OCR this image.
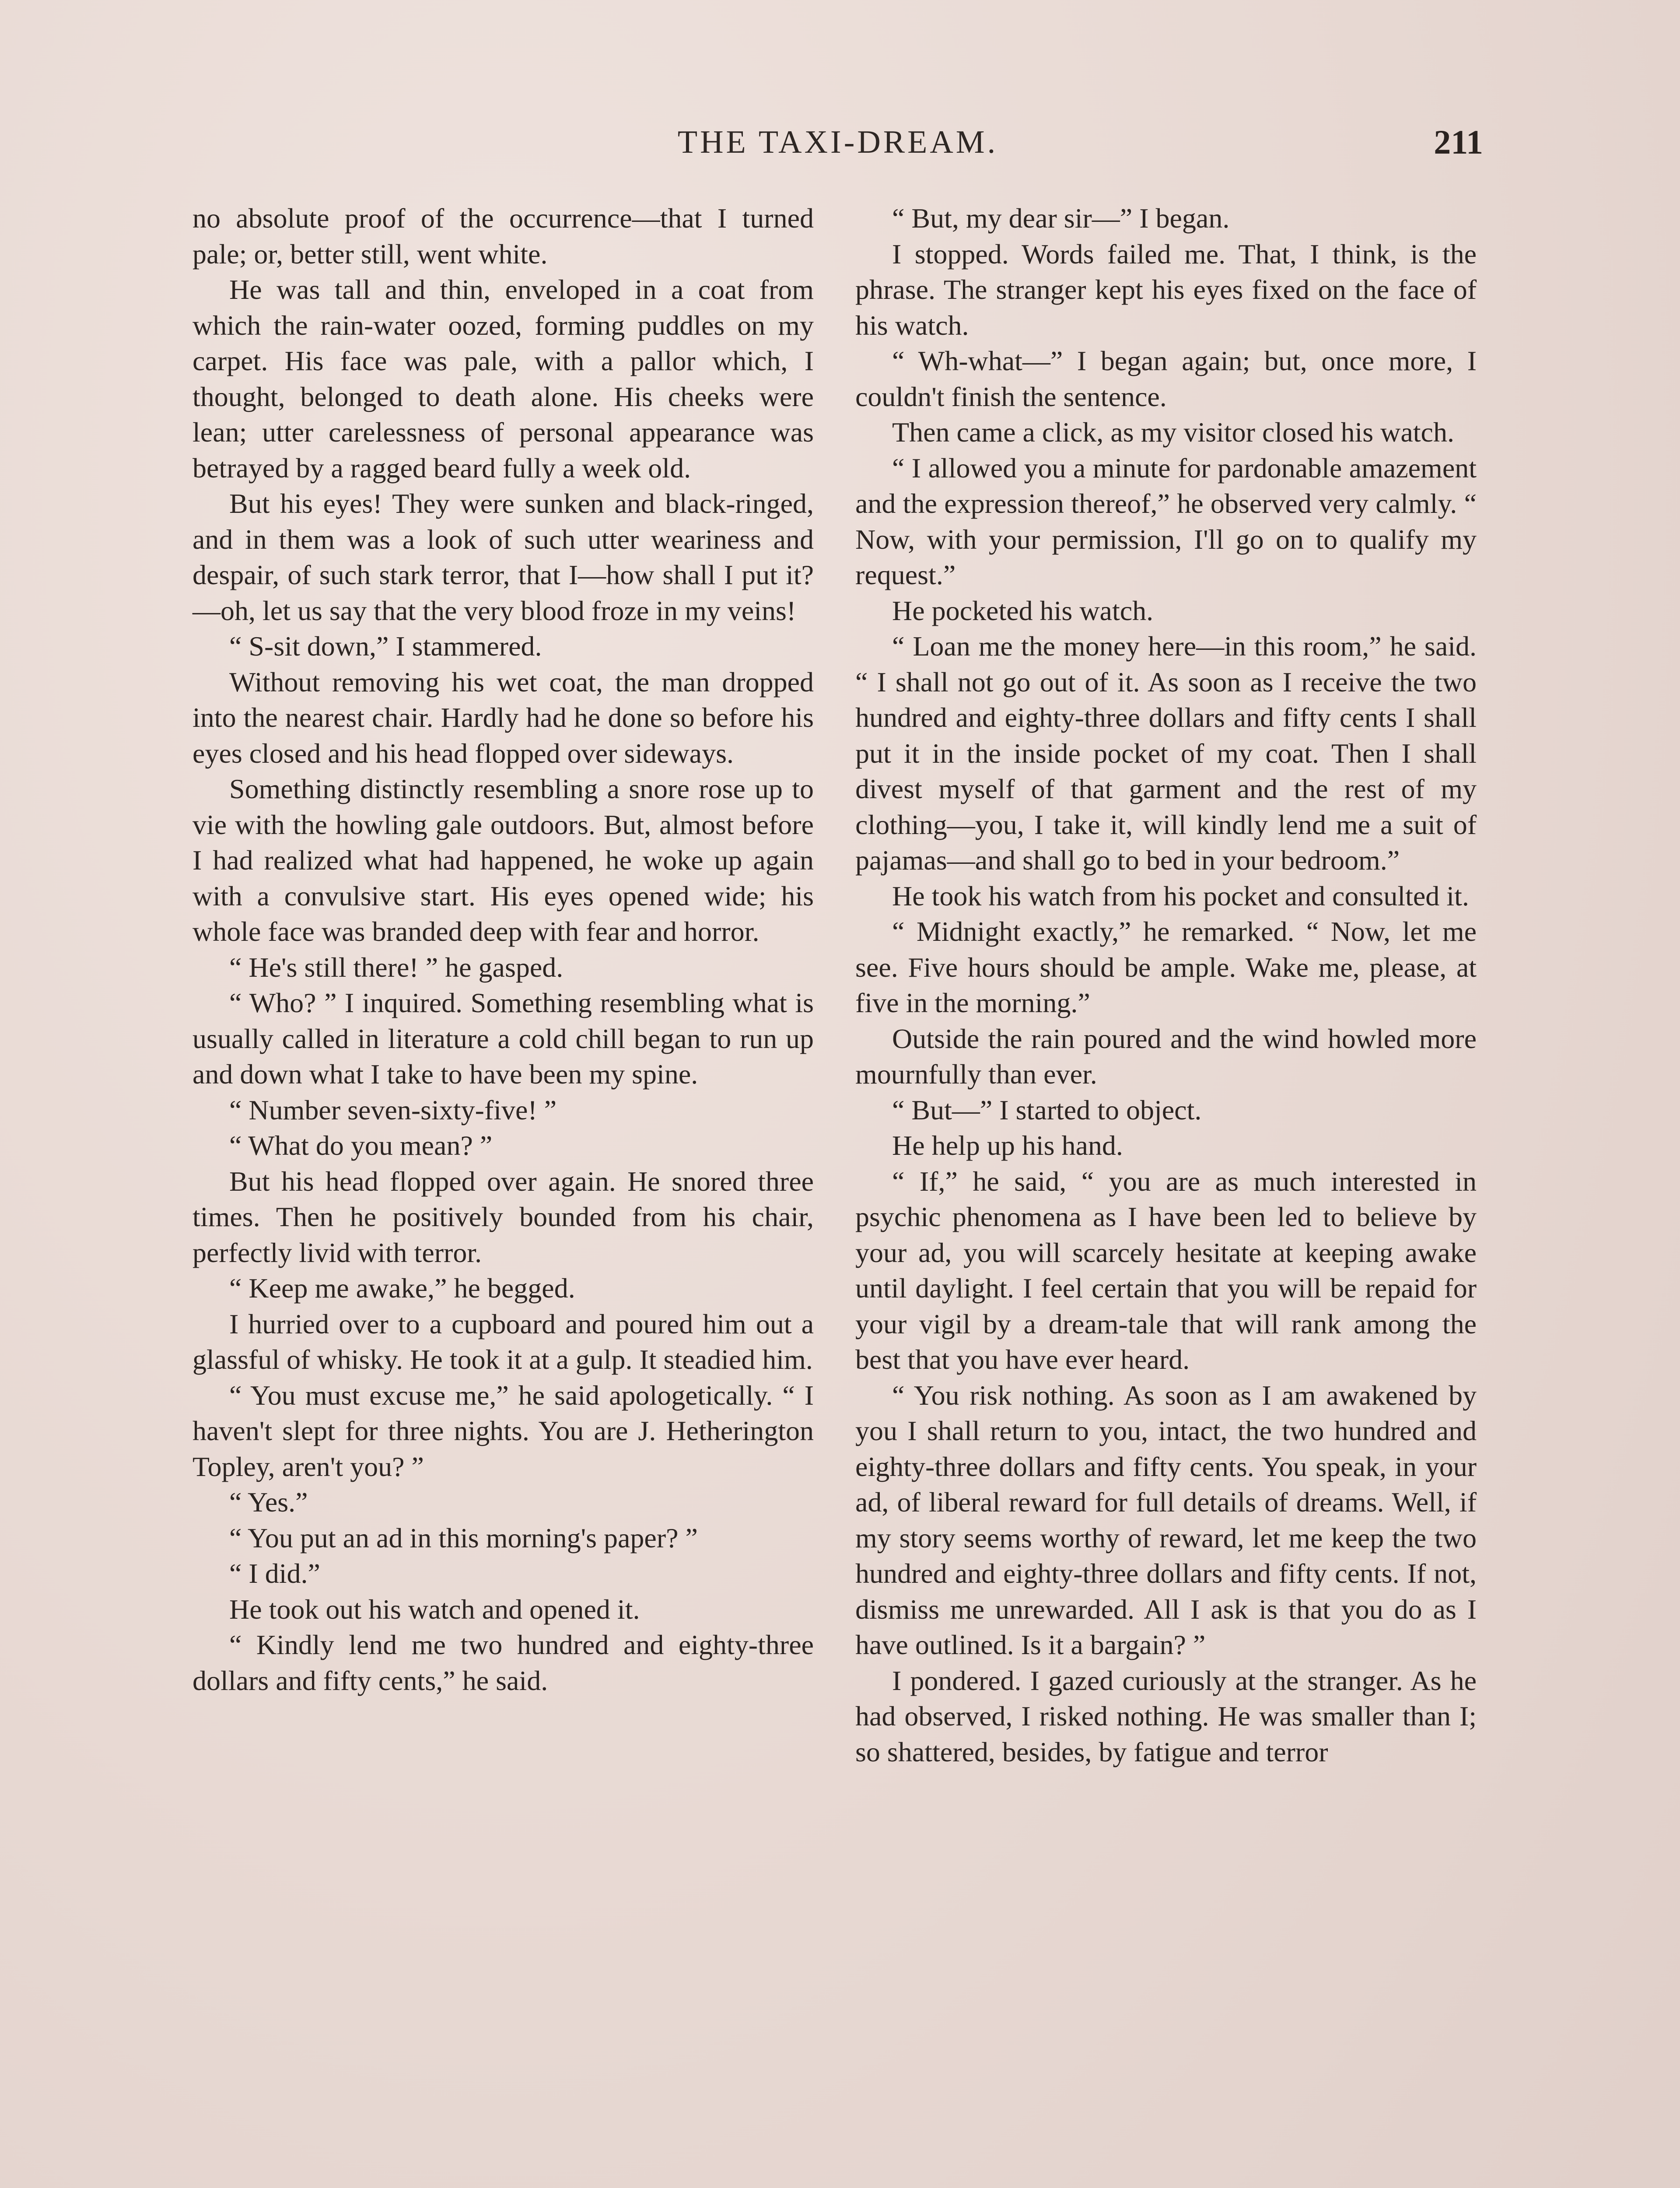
THE TAXI-DREAM.	211

no absolute proof of the occurrence—that I turned pale; or, better still, went white.

He was tall and thin, enveloped in a coat from which the rain-water oozed, forming puddles on my carpet. His face was pale, with a pallor which, I thought, belonged to death alone. His cheeks were lean; utter carelessness of personal appearance was betrayed by a ragged beard fully a week old.

But his eyes! They were sunken and black-ringed, and in them was a look of such utter weariness and despair, of such stark terror, that I—how shall I put it? —oh, let us say that the very blood froze in my veins!

“ S-sit down,” I stammered.

Without removing his wet coat, the man dropped into the nearest chair. Hardly had he done so before his eyes closed and his head flopped over sideways.

Something distinctly resembling a snore rose up to vie with the howling gale outdoors. But, almost before I had realized what had happened, he woke up again with a convulsive start. His eyes opened wide; his whole face was branded deep with fear and horror.

“ He's still there! ” he gasped.

“ Who? ” I inquired. Something resembling what is usually called in literature a cold chill began to run up and down what I take to have been my spine.

“ Number seven-sixty-five! ”

“ What do you mean? ”

But his head flopped over again. He snored three times. Then he positively bounded from his chair, perfectly livid with terror.

“ Keep me awake,” he begged.

I hurried over to a cupboard and poured him out a glassful of whisky. He took it at a gulp. It steadied him.

“ You must excuse me,” he said apologetically. “ I haven't slept for three nights. You are J. Hetherington Topley, aren't you? ”

“ Yes.”

“ You put an ad in this morning's paper? ”

“ I did.”

He took out his watch and opened it.

“ Kindly lend me two hundred and eighty-three dollars and fifty cents,” he said.

“ But, my dear sir—” I began.

I stopped. Words failed me. That, I think, is the phrase. The stranger kept his eyes fixed on the face of his watch.

“ Wh-what—” I began again; but, once more, I couldn't finish the sentence.

Then came a click, as my visitor closed his watch.

“ I allowed you a minute for pardonable amazement and the expression thereof,” he observed very calmly. “ Now, with your permission, I'll go on to qualify my request.”

He pocketed his watch.

“ Loan me the money here—in this room,” he said. “ I shall not go out of it. As soon as I receive the two hundred and eighty-three dollars and fifty cents I shall put it in the inside pocket of my coat. Then I shall divest myself of that garment and the rest of my clothing—you, I take it, will kindly lend me a suit of pajamas—and shall go to bed in your bedroom.”

He took his watch from his pocket and consulted it.

“ Midnight exactly,” he remarked. “ Now, let me see. Five hours should be ample. Wake me, please, at five in the morning.”

Outside the rain poured and the wind howled more mournfully than ever.

“ But—” I started to object.

He help up his hand.

“ If,” he said, “ you are as much interested in psychic phenomena as I have been led to believe by your ad, you will scarcely hesitate at keeping awake until daylight. I feel certain that you will be repaid for your vigil by a dream-tale that will rank among the best that you have ever heard.

“ You risk nothing. As soon as I am awakened by you I shall return to you, intact, the two hundred and eighty-three dollars and fifty cents. You speak, in your ad, of liberal reward for full details of dreams. Well, if my story seems worthy of reward, let me keep the two hundred and eighty-three dollars and fifty cents. If not, dismiss me unrewarded. All I ask is that you do as I have outlined. Is it a bargain? ”

I pondered. I gazed curiously at the stranger. As he had observed, I risked nothing. He was smaller than I; so shattered, besides, by fatigue and terror
